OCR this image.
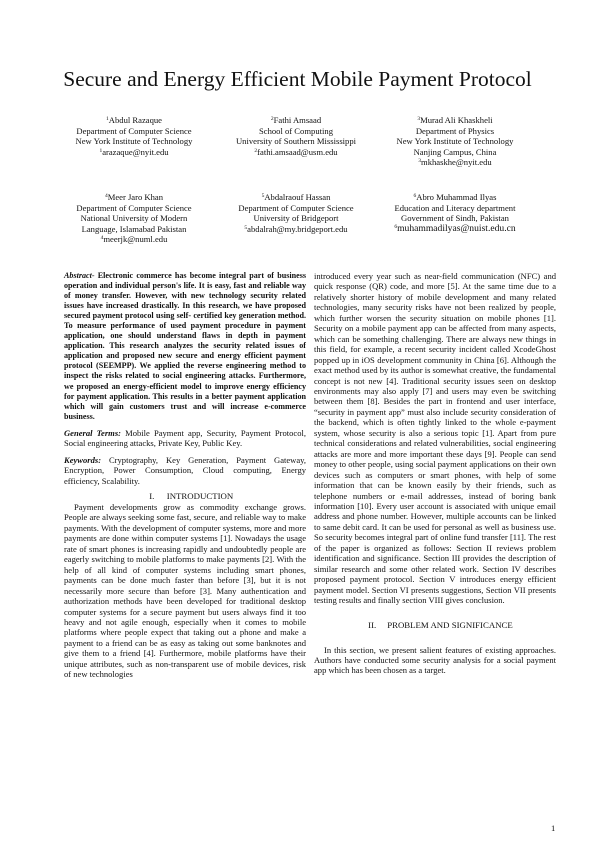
Secure and Energy Efficient Mobile Payment Protocol
$^1$Abdul Razaque
Department of Computer Science
New York Institute of Technology
$^1$arazaque@nyit.edu
$^2$Fathi Amsaad
School of Computing
University of Southern Mississippi
$^2$fathi.amsaad@usm.edu
$^3$Murad Ali Khaskheli
Department of Physics
New York Institute of Technology
Nanjing Campus, China
$^3$mkhaskhe@nyit.edu
$^4$Meer Jaro Khan
Department of Computer Science
National University of Modern
Language, Islamabad Pakistan
$^4$meerjk@numl.edu
$^5$Abdalraouf Hassan
Department of Computer Science
University of Bridgeport
$^5$abdalrah@my.bridgeport.edu
$^6$Abro Muhammad Ilyas
Education and Literacy department
Government of Sindh, Pakistan
$^6$muhammadilyas@nuist.edu.cn

Abstract- Electronic commerce has become integral part of business operation and individual person's life. It is easy, fast and reliable way of money transfer. However, with new technology security related issues have increased drastically. In this research, we have proposed secured payment protocol using self- certified key generation method. To measure performance of used payment procedure in payment application, one should understand flaws in depth in payment application. This research analyzes the security related issues of application and proposed new secure and energy efficient payment protocol (SEEMPP). We applied the reverse engineering method to inspect the risks related to social engineering attacks. Furthermore, we proposed an energy-efficient model to improve energy efficiency for payment application. This results in a better payment application which will gain customers trust and will increase e-commerce business.

General Terms: Mobile Payment app, Security, Payment Protocol, Social engineering attacks, Private Key, Public Key.

Keywords: Cryptography, Key Generation, Payment Gateway, Encryption, Power Consumption, Cloud computing, Energy efficiency, Scalability.

I. INTRODUCTION

Payment developments grow as commodity exchange grows. People are always seeking some fast, secure, and reliable way to make payments. With the development of computer systems, more and more payments are done within computer systems [1]. Nowadays the usage rate of smart phones is increasing rapidly and undoubtedly people are eagerly switching to mobile platforms to make payments [2]. With the help of all kind of computer systems including smart phones, payments can be done much faster than before [3], but it is not necessarily more secure than before [3]. Many authentication and authorization methods have been developed for traditional desktop computer systems for a secure payment but users always find it too heavy and not agile enough, especially when it comes to mobile platforms where people expect that taking out a phone and make a payment to a friend can be as easy as taking out some banknotes and give them to a friend [4]. Furthermore, mobile platforms have their unique attributes, such as non-transparent use of mobile devices, risk of new technologies

introduced every year such as near-field communication (NFC) and quick response (QR) code, and more [5]. At the same time due to a relatively shorter history of mobile development and many related technologies, many security risks have not been realized by people, which further worsen the security situation on mobile phones [1]. Security on a mobile payment app can be affected from many aspects, which can be something challenging. There are always new things in this field, for example, a recent security incident called XcodeGhost popped up in iOS development community in China [6]. Although the exact method used by its author is somewhat creative, the fundamental concept is not new [4]. Traditional security issues seen on desktop environments may also apply [7] and users may even be switching between them [8]. Besides the part in frontend and user interface, “security in payment app” must also include security consideration of the backend, which is often tightly linked to the whole e-payment system, whose security is also a serious topic [1]. Apart from pure technical considerations and related vulnerabilities, social engineering attacks are more and more important these days [9]. People can send money to other people, using social payment applications on their own devices such as computers or smart phones, with help of some information that can be known easily by their friends, such as telephone numbers or e-mail addresses, instead of boring bank information [10]. Every user account is associated with unique email address and phone number. However, multiple accounts can be linked to same debit card. It can be used for personal as well as business use. So security becomes integral part of online fund transfer [11]. The rest of the paper is organized as follows: Section II reviews problem identification and significance. Section III provides the description of similar research and some other related work. Section IV describes proposed payment protocol. Section V introduces energy efficient payment model. Section VI presents suggestions, Section VII presents testing results and finally section VIII gives conclusion.

II. PROBLEM AND SIGNIFICANCE

In this section, we present salient features of existing approaches. Authors have conducted some security analysis for a social payment app which has been chosen as a target.

1
